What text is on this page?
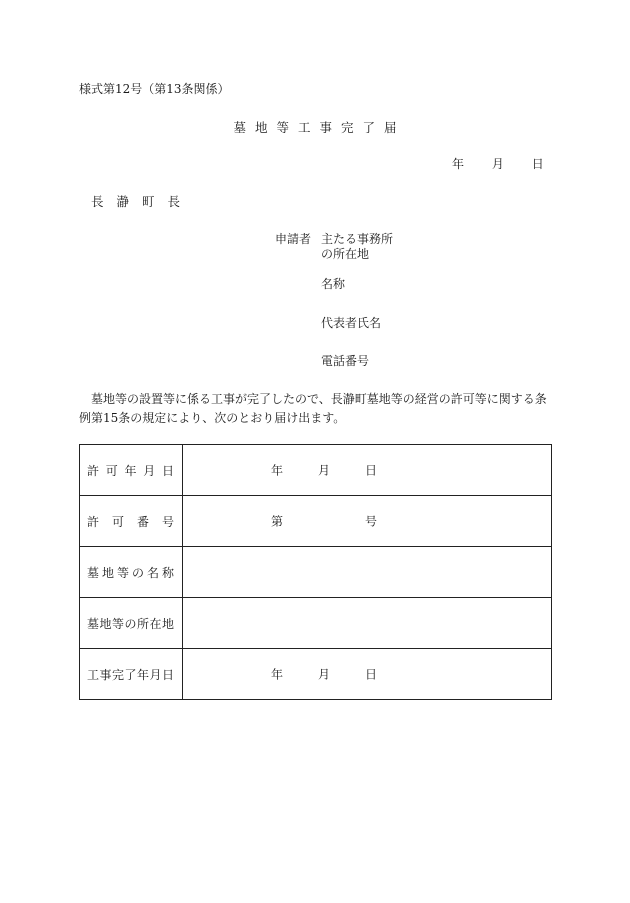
様式第12号（第13条関係）
墓地等工事完了届
年 月 日
長瀞町長
申請者 主たる事務所
の所在地
名称
代表者氏名
電話番号
墓地等の設置等に係る工事が完了したので、長瀞町墓地等の経営の許可等に関する条例第15条の規定により、次のとおり届け出ます。
許可年月日	年 月 日

許可番号	第 号

墓地等の名称	
墓地等の所在地	
工事完了年月日	年 月 日
